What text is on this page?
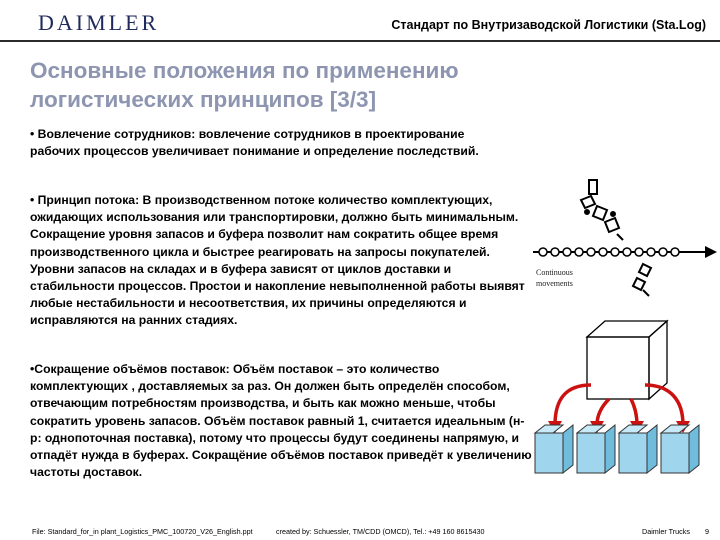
DAIMLER	Стандарт по Внутризаводской Логистики (Sta.Log)
Основные положения по применению
логистических принципов [3/3]
• Вовлечение сотрудников: вовлечение сотрудников в проектирование рабочих процессов увеличивает понимание и определение последствий.
• Принцип потока: В производственном потоке количество комплектующих, ожидающих использования или транспортировки, должно быть минимальным. Сокращение уровня запасов и буфера позволит нам сократить общее время производственного цикла и быстрее реагировать на запросы покупателей. Уровни запасов на складах и в буфера зависят от циклов доставки и стабильности процессов. Простои и накопление невыполненной работы выявят любые нестабильности и несоответствия, их причины определяются и исправляются на ранних стадиях.
•Сокращение объёмов поставок: Объём поставок – это количество комплектующих , доставляемых за раз. Он должен быть определён способом, отвечающим потребностям производства, и быть как можно меньше, чтобы сократить уровень запасов. Объём поставок равный 1, считается идеальным (н-р: однопоточная поставка), потому что процессы будут соединены напрямую, и отпадёт нужда в буферах. Сокращёние объёмов поставок приведёт к увеличению частоты доставок.
Continuous
movements
File: Standard_for_in plant_Logistics_PMC_100720_V26_English.ppt	created by: Schuessler, TM/CDD (OMCD), Tel.: +49 160 8615430	Daimler Trucks 9
